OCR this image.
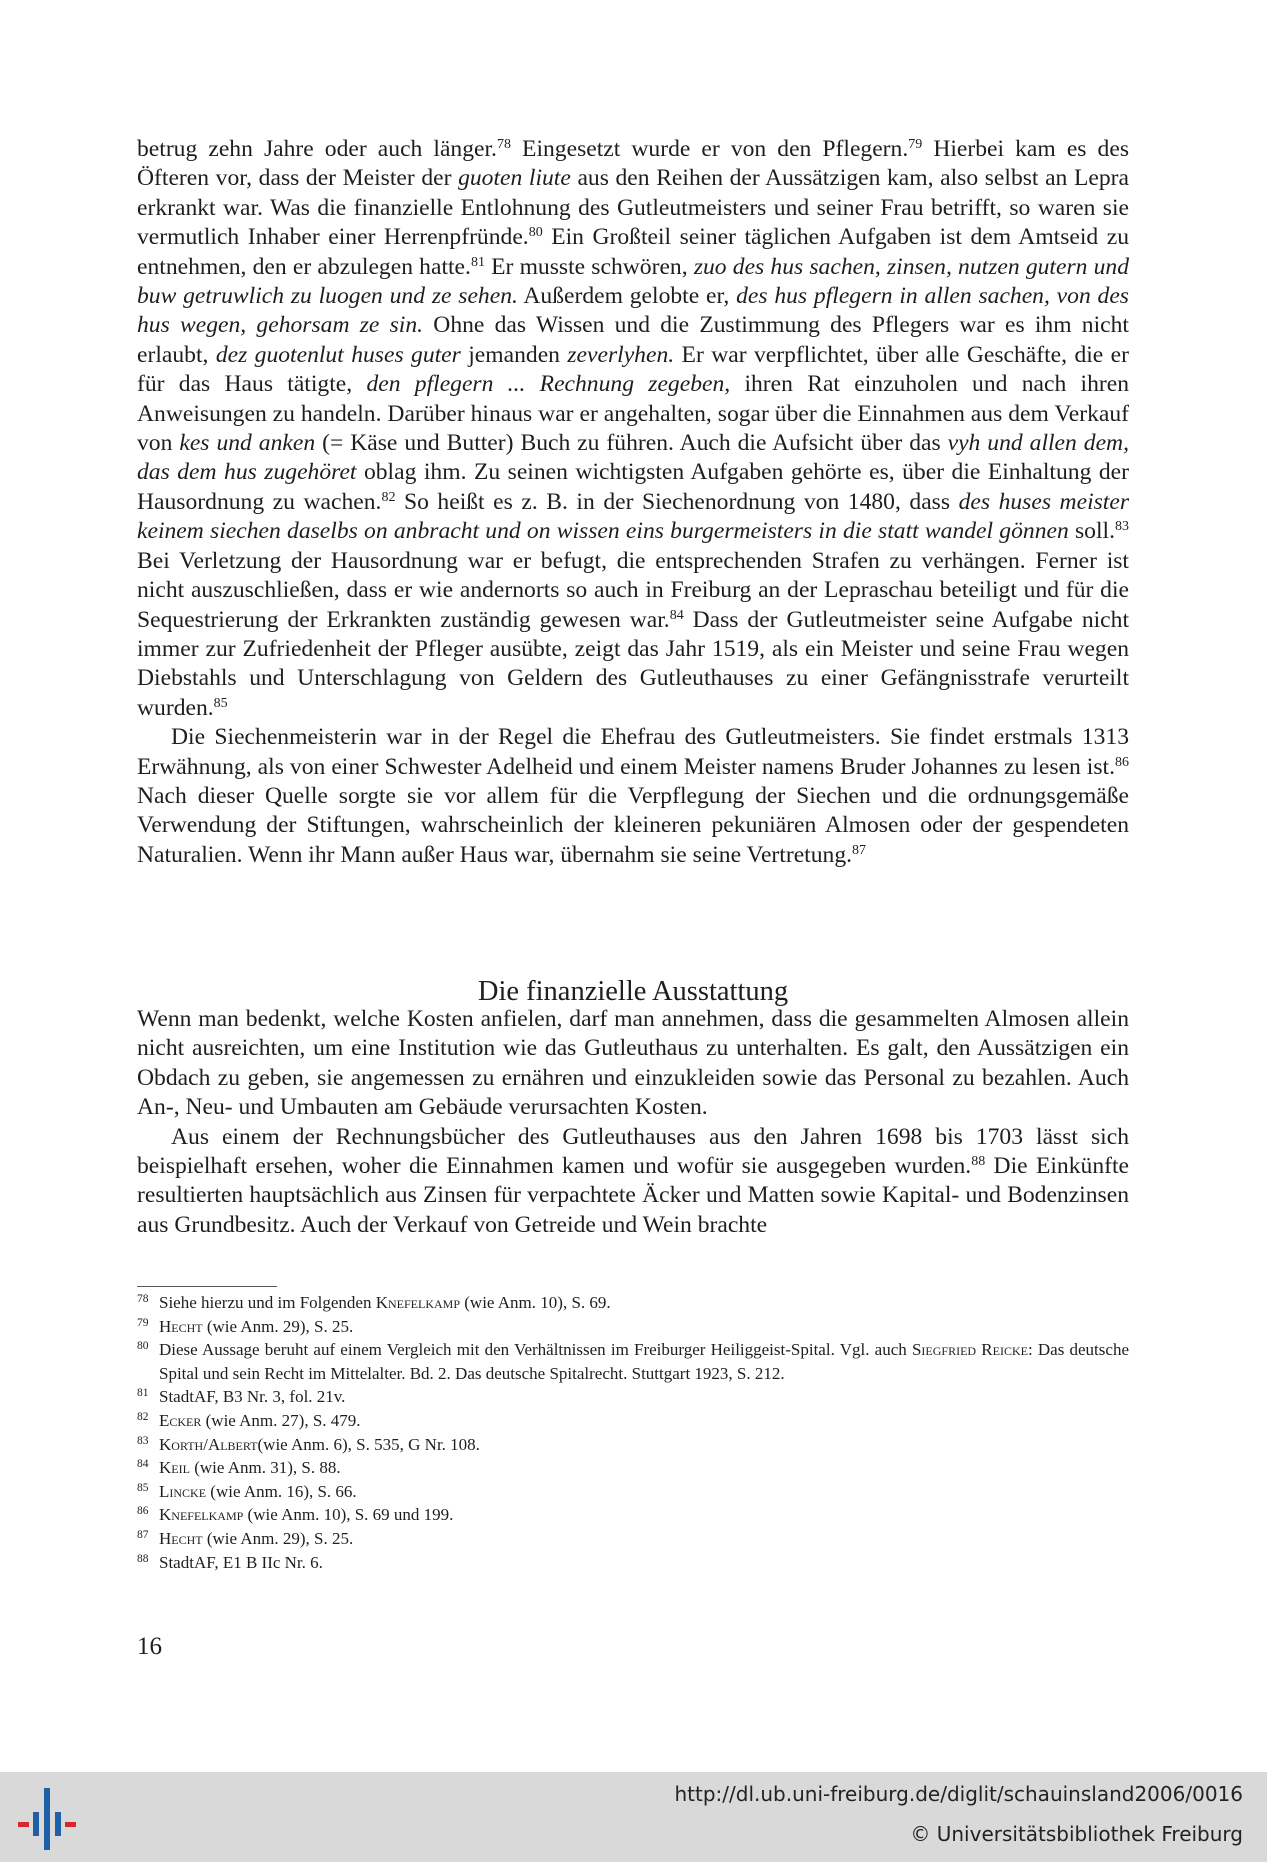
betrug zehn Jahre oder auch länger.$^{78}$ Eingesetzt wurde er von den Pflegern.$^{79}$ Hierbei kam es des Öfteren vor, dass der Meister der guoten liute aus den Reihen der Aussätzigen kam, also selbst an Lepra erkrankt war. Was die finanzielle Entlohnung des Gutleutmeisters und seiner Frau betrifft, so waren sie vermutlich Inhaber einer Herrenpfründe.$^{80}$ Ein Großteil seiner täglichen Aufgaben ist dem Amtseid zu entnehmen, den er abzulegen hatte.$^{81}$ Er musste schwören, zuo des hus sachen, zinsen, nutzen gutern und buw getruwlich zu luogen und ze sehen. Außerdem gelobte er, des hus pflegern in allen sachen, von des hus wegen, gehorsam ze sin. Ohne das Wissen und die Zustimmung des Pflegers war es ihm nicht erlaubt, dez guotenlut huses guter jemanden zeverlyhen. Er war verpflichtet, über alle Geschäfte, die er für das Haus tätigte, den pflegern ... Rechnung zegeben, ihren Rat einzuholen und nach ihren Anweisungen zu handeln. Darüber hinaus war er angehalten, sogar über die Einnahmen aus dem Verkauf von kes und anken (= Käse und Butter) Buch zu führen. Auch die Aufsicht über das vyh und allen dem, das dem hus zugehöret oblag ihm. Zu seinen wichtigsten Aufgaben gehörte es, über die Einhaltung der Hausordnung zu wachen.$^{82}$ So heißt es z. B. in der Siechenordnung von 1480, dass des huses meister keinem siechen daselbs on anbracht und on wissen eins burgermeisters in die statt wandel gönnen soll.$^{83}$ Bei Verletzung der Hausordnung war er befugt, die entsprechenden Strafen zu verhängen. Ferner ist nicht auszuschließen, dass er wie andernorts so auch in Freiburg an der Lepraschau beteiligt und für die Sequestrierung der Erkrankten zuständig gewesen war.$^{84}$ Dass der Gutleutmeister seine Aufgabe nicht immer zur Zufriedenheit der Pfleger ausübte, zeigt das Jahr 1519, als ein Meister und seine Frau wegen Diebstahls und Unterschlagung von Geldern des Gutleuthauses zu einer Gefängnisstrafe verurteilt wurden.$^{85}$

Die Siechenmeisterin war in der Regel die Ehefrau des Gutleutmeisters. Sie findet erstmals 1313 Erwähnung, als von einer Schwester Adelheid und einem Meister namens Bruder Johannes zu lesen ist.$^{86}$ Nach dieser Quelle sorgte sie vor allem für die Verpflegung der Siechen und die ordnungsgemäße Verwendung der Stiftungen, wahrscheinlich der kleineren pekuniären Almosen oder der gespendeten Naturalien. Wenn ihr Mann außer Haus war, übernahm sie seine Vertretung.$^{87}$

Die finanzielle Ausstattung

Wenn man bedenkt, welche Kosten anfielen, darf man annehmen, dass die gesammelten Almosen allein nicht ausreichten, um eine Institution wie das Gutleuthaus zu unterhalten. Es galt, den Aussätzigen ein Obdach zu geben, sie angemessen zu ernähren und einzukleiden sowie das Personal zu bezahlen. Auch An-, Neu- und Umbauten am Gebäude verursachten Kosten.

Aus einem der Rechnungsbücher des Gutleuthauses aus den Jahren 1698 bis 1703 lässt sich beispielhaft ersehen, woher die Einnahmen kamen und wofür sie ausgegeben wurden.$^{88}$ Die Einkünfte resultierten hauptsächlich aus Zinsen für verpachtete Äcker und Matten sowie Kapital- und Bodenzinsen aus Grundbesitz. Auch der Verkauf von Getreide und Wein brachte

78 Siehe hierzu und im Folgenden Knefelkamp (wie Anm. 10), S. 69.
79 Hecht (wie Anm. 29), S. 25.
80 Diese Aussage beruht auf einem Vergleich mit den Verhältnissen im Freiburger Heiliggeist-Spital. Vgl. auch Siegfried Reicke: Das deutsche Spital und sein Recht im Mittelalter. Bd. 2. Das deutsche Spitalrecht. Stuttgart 1923, S. 212.
81 StadtAF, B3 Nr. 3, fol. 21v.
82 Ecker (wie Anm. 27), S. 479.
83 Korth/Albert(wie Anm. 6), S. 535, G Nr. 108.
84 Keil (wie Anm. 31), S. 88.
85 Lincke (wie Anm. 16), S. 66.
86 Knefelkamp (wie Anm. 10), S. 69 und 199.
87 Hecht (wie Anm. 29), S. 25.
88 StadtAF, E1 B IIc Nr. 6.
16
http://dl.ub.uni-freiburg.de/diglit/schauinsland2006/0016
© Universitätsbibliothek Freiburg
